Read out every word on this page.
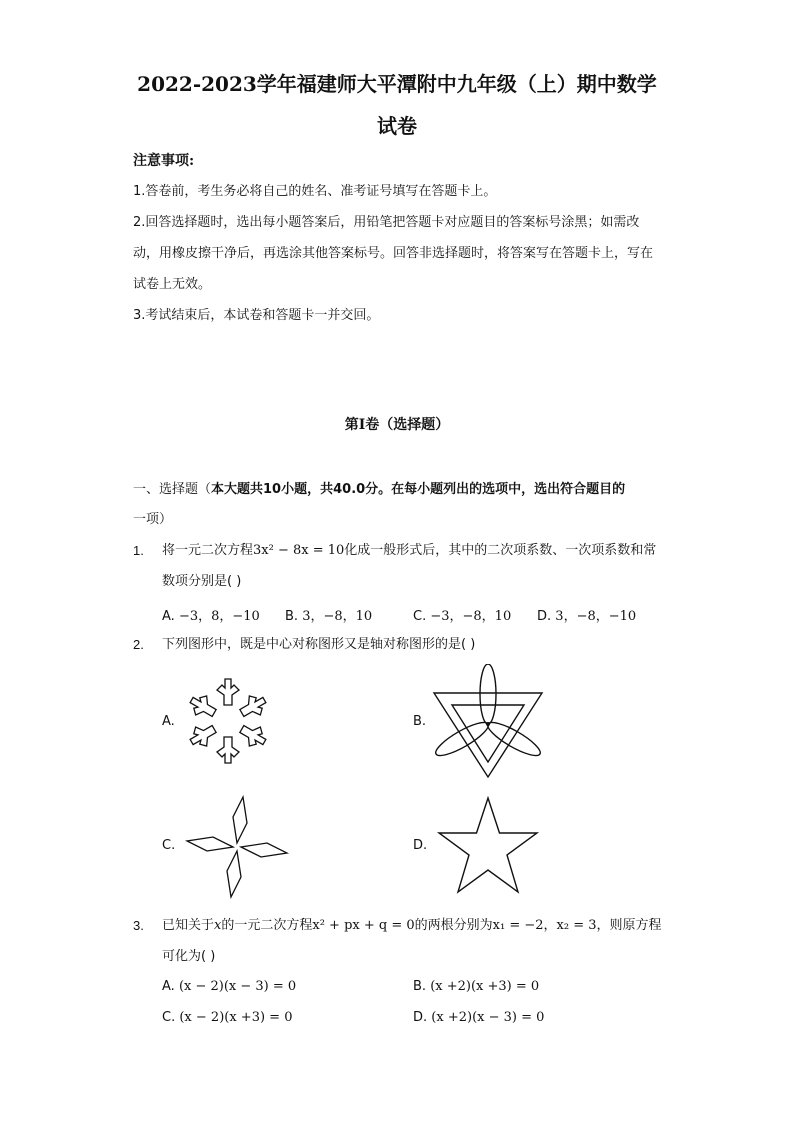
2022-2023学年福建师大平潭附中九年级（上）期中数学
试卷
注意事项:
1.答卷前，考生务必将自己的姓名、准考证号填写在答题卡上。
2.回答选择题时，选出每小题答案后，用铅笔把答题卡对应题目的答案标号涂黑；如需改动，用橡皮擦干净后，再选涂其他答案标号。回答非选择题时，将答案写在答题卡上，写在试卷上无效。
3.考试结束后，本试卷和答题卡一并交回。
第I卷（选择题）
一、选择题（本大题共10小题，共40.0分。在每小题列出的选项中，选出符合题目的
一项）
1. 将一元二次方程3x² − 8x = 10化成一般形式后，其中的二次项系数、一次项系数和常数项分别是( )
A. −3，8，−10 B. 3，−8，10	C. −3，−8，10 D. 3，−8，−10
2. 下列图形中，既是中心对称图形又是轴对称图形的是( )
A.	B.
C.	D.
3. 已知关于x的一元二次方程x² + px + q = 0的两根分别为x₁ = −2，x₂ = 3，则原方程可化为( )
A. (x − 2)(x − 3) = 0	B. (x +2)(x +3) = 0
C. (x − 2)(x +3) = 0	D. (x +2)(x − 3) = 0
